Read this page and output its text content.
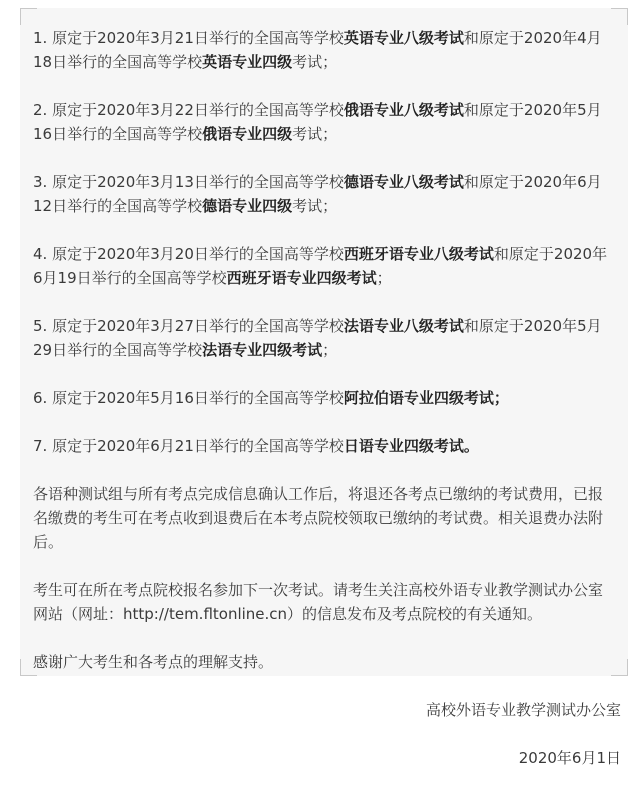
1. 原定于2020年3月21日举行的全国高等学校英语专业八级考试和原定于2020年4月18日举行的全国高等学校英语专业四级考试；

2. 原定于2020年3月22日举行的全国高等学校俄语专业八级考试和原定于2020年5月16日举行的全国高等学校俄语专业四级考试；

3. 原定于2020年3月13日举行的全国高等学校德语专业八级考试和原定于2020年6月12日举行的全国高等学校德语专业四级考试；

4. 原定于2020年3月20日举行的全国高等学校西班牙语专业八级考试和原定于2020年6月19日举行的全国高等学校西班牙语专业四级考试；

5. 原定于2020年3月27日举行的全国高等学校法语专业八级考试和原定于2020年5月29日举行的全国高等学校法语专业四级考试；

6. 原定于2020年5月16日举行的全国高等学校阿拉伯语专业四级考试；

7. 原定于2020年6月21日举行的全国高等学校日语专业四级考试。

各语种测试组与所有考点完成信息确认工作后，将退还各考点已缴纳的考试费用，已报名缴费的考生可在考点收到退费后在本考点院校领取已缴纳的考试费。相关退费办法附后。

考生可在所在考点院校报名参加下一次考试。请考生关注高校外语专业教学测试办公室网站（网址：http://tem.fltonline.cn）的信息发布及考点院校的有关通知。

感谢广大考生和各考点的理解支持。

高校外语专业教学测试办公室

2020年6月1日
